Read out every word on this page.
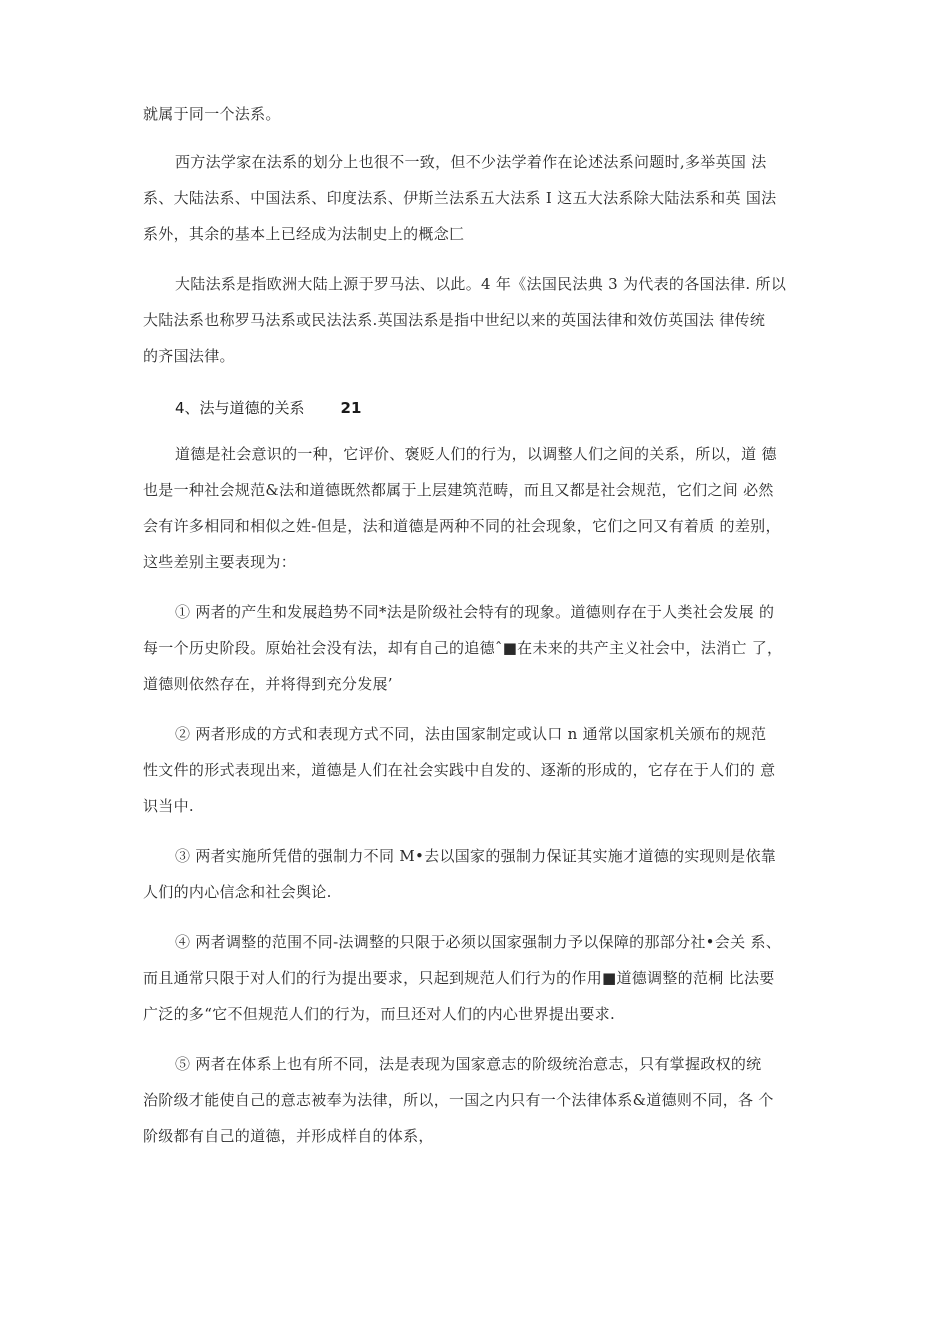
就属于同一个法系。

西方法学家在法系的划分上也很不一致，但不少法学着作在论述法系问题时,多举英国 法
系、大陆法系、中国法系、印度法系、伊斯兰法系五大法系 I 这五大法系除大陆法系和英 国法
系外，其余的基本上已经成为法制史上的概念匚

大陆法系是指欧洲大陆上源于罗马法、以此。4 年《法国民法典 3 为代表的各国法律. 所以
大陆法系也称罗马法系或民法法系.英国法系是指中世纪以来的英国法律和效仿英国法 律传统
的齐国法律。

4、法与道德的关系 21

道德是社会意识的一种，它评价、褒贬人们的行为，以调整人们之间的关系，所以，道 德
也是一种社会规范&法和道德既然都属于上层建筑范畴，而且又都是社会规范，它们之间 必然
会有许多相同和相似之姓-但是，法和道德是两种不同的社会现象，它们之冋又有着质 的差别，
这些差别主要表现为：

① 两者的产生和发展趋势不同*法是阶级社会特有的现象。道德则存在于人类社会发展 的
每一个历史阶段。原始社会没有法，却有自己的追德ˆ■在未来的共产主义社会中，法消亡 了，
道德则依然存在，并将得到充分发展’

② 两者形成的方式和表现方式不同，法由国家制定或认口 n 通常以国家机关颁布的规范
性文件的形式表现出来，道德是人们在社会实践中自发的、逐渐的形成的，它存在于人们的 意
识当中.

③ 两者实施所凭借的强制力不同 M•去以国家的强制力保证其实施才道德的实现则是依靠
人们的内心信念和社会舆论.

④ 两者调整的范围不同-法调整的只限于必须以国家强制力予以保障的那部分社•会关 系、
而且通常只限于对人们的行为提出要求，只起到规范人们行为的作用■道德调整的范桐 比法要
广泛的多“它不但规范人们的行为，而旦还对人们的内心世界提出要求.

⑤ 两者在体系上也有所不同，法是表现为国家意志的阶级统治意志，只有掌握政权的统
治阶级才能使自己的意志被奉为法律，所以，一国之内只有一个法律体系&道德则不同，各 个
阶级都有自己的道德，并形成样自的体系，
